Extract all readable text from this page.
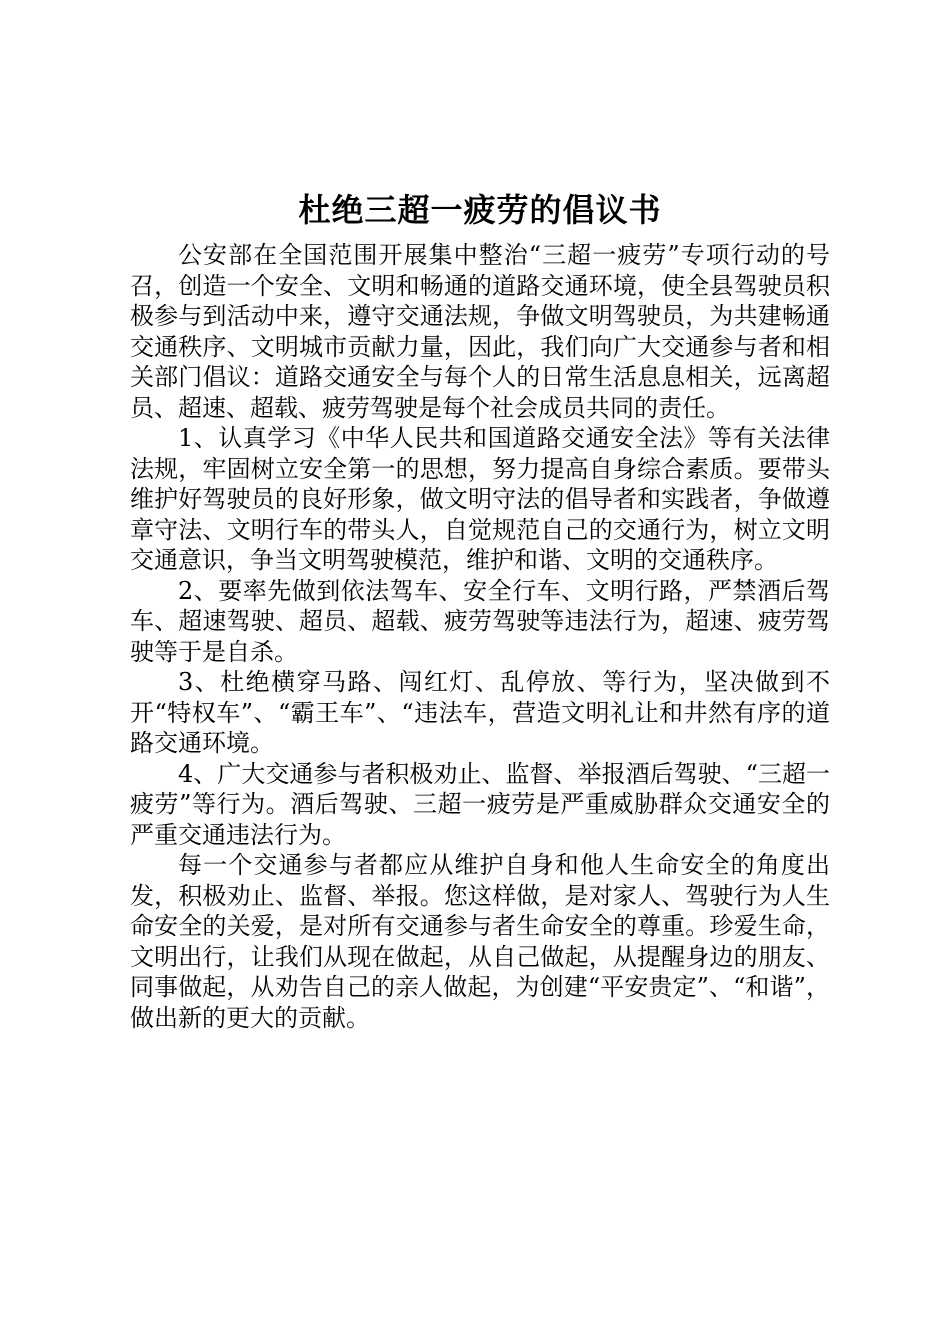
杜绝三超一疲劳的倡议书

公安部在全国范围开展集中整治“三超一疲劳”专项行动的号召，创造一个安全、文明和畅通的道路交通环境，使全县驾驶员积极参与到活动中来，遵守交通法规，争做文明驾驶员，为共建畅通交通秩序、文明城市贡献力量，因此，我们向广大交通参与者和相关部门倡议：道路交通安全与每个人的日常生活息息相关，远离超员、超速、超载、疲劳驾驶是每个社会成员共同的责任。

1、认真学习《中华人民共和国道路交通安全法》等有关法律法规，牢固树立安全第一的思想，努力提高自身综合素质。要带头维护好驾驶员的良好形象，做文明守法的倡导者和实践者，争做遵章守法、文明行车的带头人，自觉规范自己的交通行为，树立文明交通意识，争当文明驾驶模范，维护和谐、文明的交通秩序。

2、要率先做到依法驾车、安全行车、文明行路，严禁酒后驾车、超速驾驶、超员、超载、疲劳驾驶等违法行为，超速、疲劳驾驶等于是自杀。

3、杜绝横穿马路、闯红灯、乱停放、等行为，坚决做到不开“特权车”、“霸王车”、“违法车，营造文明礼让和井然有序的道路交通环境。

4、广大交通参与者积极劝止、监督、举报酒后驾驶、“三超一疲劳”等行为。酒后驾驶、三超一疲劳是严重威胁群众交通安全的严重交通违法行为。

每一个交通参与者都应从维护自身和他人生命安全的角度出发，积极劝止、监督、举报。您这样做，是对家人、驾驶行为人生命安全的关爱，是对所有交通参与者生命安全的尊重。珍爱生命，文明出行，让我们从现在做起，从自己做起，从提醒身边的朋友、同事做起，从劝告自己的亲人做起，为创建“平安贵定”、“和谐”，做出新的更大的贡献。
